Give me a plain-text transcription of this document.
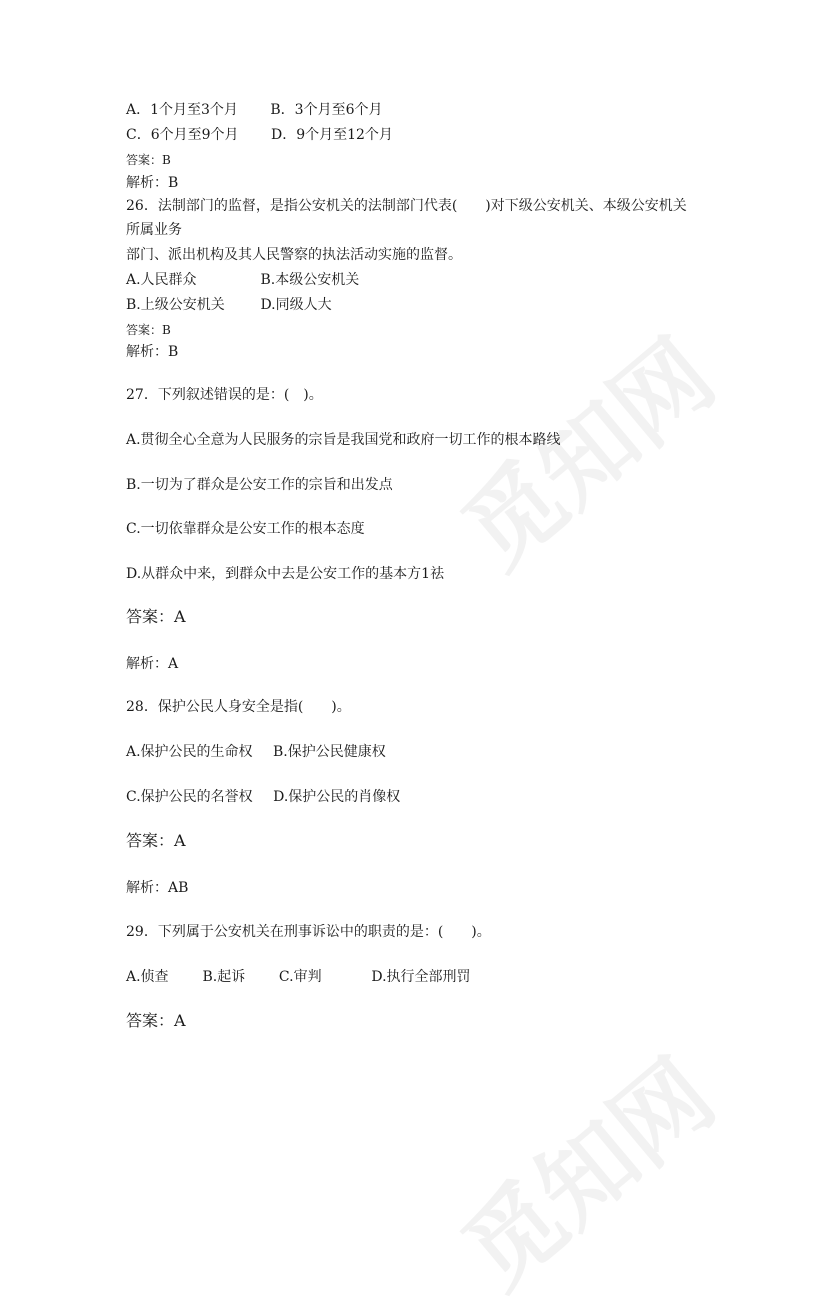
觅知网
觅知网
A．1个月至3个月 B．3个月至6个月
C．6个月至9个月 D．9个月至12个月
答案：B
解析：B
26．法制部门的监督，是指公安机关的法制部门代表(　　)对下级公安机关、本级公安机关
所属业务
部门、派出机构及其人民警察的执法活动实施的监督。
A.人民群众	B.本级公安机关
B.上级公安机关	D.同级人大
答案：B
解析：B
27．下列叙述错误的是：(　)。
A.贯彻全心全意为人民服务的宗旨是我国党和政府一切工作的根本路线
B.一切为了群众是公安工作的宗旨和出发点
C.一切依靠群众是公安工作的根本态度
D.从群众中来，到群众中去是公安工作的基本方1祛
答案：A
解析：A
28．保护公民人身安全是指(　　)。
A.保护公民的生命权 B.保护公民健康权
C.保护公民的名誉权 D.保护公民的肖像权
答案：A
解析：AB
29．下列属于公安机关在刑事诉讼中的职责的是：(　　)。
A.侦查 B.起诉 C.审判	D.执行全部刑罚
答案：A
